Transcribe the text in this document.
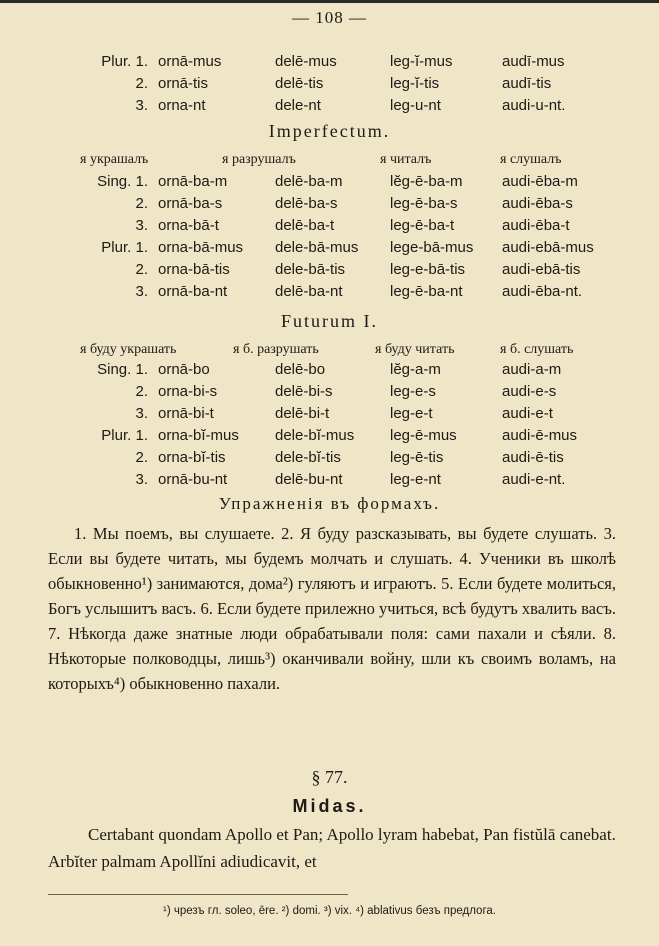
— 108 —
Plur. 1. ornā-mus	delē-mus	leg-ĭ-mus	audī-mus
2. ornā-tis	delē-tis	leg-ĭ-tis	audī-tis
3. orna-nt	dele-nt	leg-u-nt	audi-u-nt.
Imperfectum.
я украшалъ	я разрушалъ	я читалъ	я слушалъ
Sing. 1. ornā-ba-m	delē-ba-m	lĕg-ē-ba-m	audi-ēba-m
2. ornā-ba-s	delē-ba-s	leg-ē-ba-s	audi-ēba-s
3. orna-bā-t	delē-ba-t	leg-ē-ba-t	audi-ēba-t
Plur. 1. orna-bā-mus dele-bā-mus lege-bā-mus audi-ebā-mus
2. orna-bā-tis	dele-bā-tis	leg-e-bā-tis audi-ebā-tis
3. ornā-ba-nt	delē-ba-nt	leg-ē-ba-nt	audi-ēba-nt.
Futurum I.
я буду украшать	я б. разрушать	я буду читать	я б. слушать
Sing. 1. ornā-bo	delē-bo	lĕg-a-m	audi-a-m
2. orna-bi-s	delē-bi-s	leg-e-s	audi-e-s
3. ornā-bi-t	delē-bi-t	leg-e-t	audi-e-t
Plur. 1. orna-bĭ-mus dele-bĭ-mus leg-ē-mus	audi-ē-mus
2. orna-bĭ-tis	dele-bĭ-tis	leg-ē-tis	audi-ē-tis
3. ornā-bu-nt	delē-bu-nt	leg-e-nt	audi-e-nt.
Упражненія въ формахъ.

1. Мы поемъ, вы слушаете. 2. Я буду разсказывать, вы будете слушать. 3. Если вы будете читать, мы будемъ молчать и слушать. 4. Ученики въ школѣ обыкновенно¹) занимаются, дома²) гуляютъ и играютъ. 5. Если будете молиться, Богъ услышитъ васъ. 6. Если будете прилежно учиться, всѣ будутъ хвалить васъ. 7. Нѣкогда даже знатные люди обрабатывали поля: сами пахали и сѣяли. 8. Нѣкоторые полководцы, лишь³) оканчивали войну, шли къ своимъ воламъ, на которыхъ⁴) обыкновенно пахали.

§ 77.
Midas.

Certabant quondam Apollo et Pan; Apollo lyram habebat, Pan fistŭlā canebat. Arbĭter palmam Apollĭni adiudicavit, et

¹) чрезъ гл. soleo, ēre. ²) domi. ³) vix. ⁴) ablativus безъ предлога.
